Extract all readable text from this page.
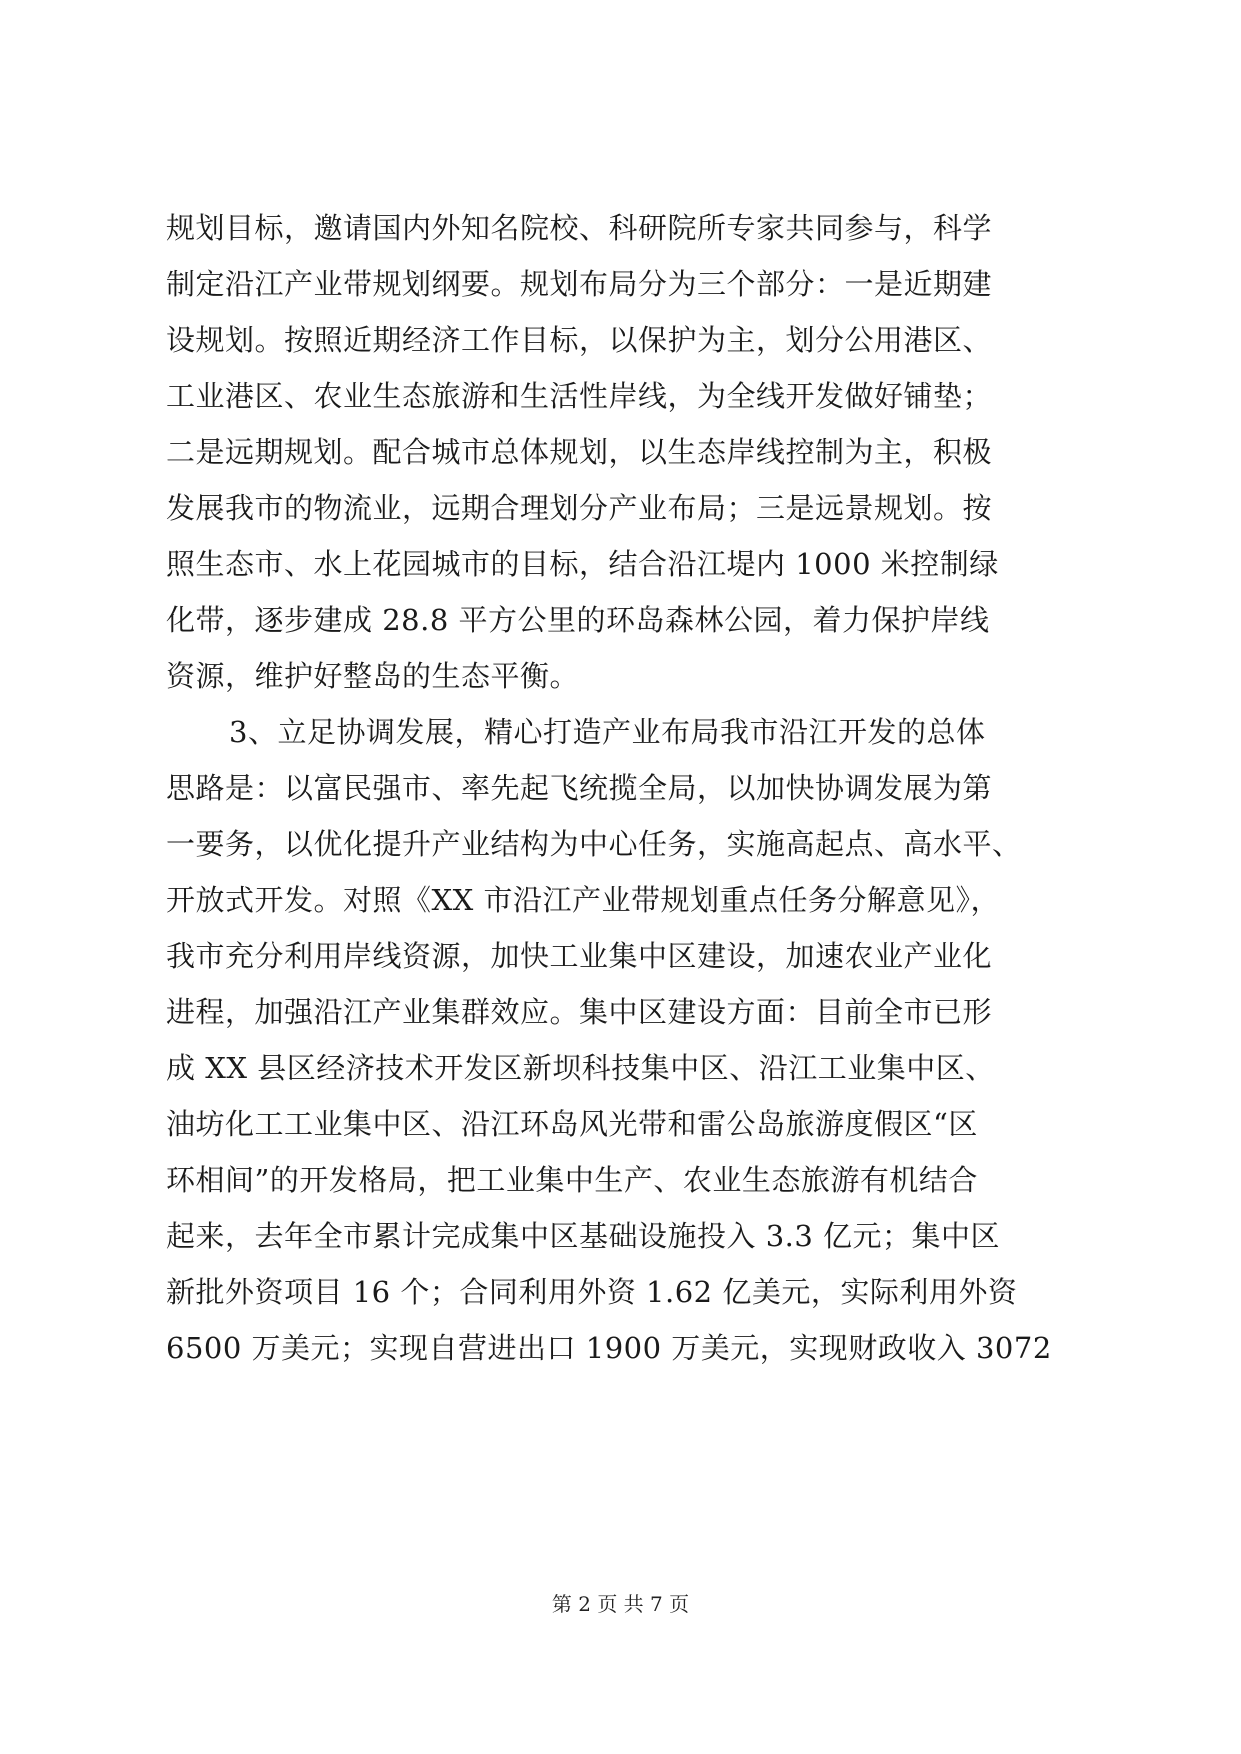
规划目标，邀请国内外知名院校、科研院所专家共同参与，科学
制定沿江产业带规划纲要。规划布局分为三个部分：一是近期建
设规划。按照近期经济工作目标，以保护为主，划分公用港区、
工业港区、农业生态旅游和生活性岸线，为全线开发做好铺垫；
二是远期规划。配合城市总体规划，以生态岸线控制为主，积极
发展我市的物流业，远期合理划分产业布局；三是远景规划。按
照生态市、水上花园城市的目标，结合沿江堤内 1000 米控制绿
化带，逐步建成 28.8 平方公里的环岛森林公园，着力保护岸线
资源，维护好整岛的生态平衡。
3、立足协调发展，精心打造产业布局我市沿江开发的总体
思路是：以富民强市、率先起飞统揽全局，以加快协调发展为第
一要务，以优化提升产业结构为中心任务，实施高起点、高水平、
开放式开发。对照《XX 市沿江产业带规划重点任务分解意见》，
我市充分利用岸线资源，加快工业集中区建设，加速农业产业化
进程，加强沿江产业集群效应。集中区建设方面：目前全市已形
成 XX 县区经济技术开发区新坝科技集中区、沿江工业集中区、
油坊化工工业集中区、沿江环岛风光带和雷公岛旅游度假区“区
环相间”的开发格局，把工业集中生产、农业生态旅游有机结合
起来，去年全市累计完成集中区基础设施投入 3.3 亿元；集中区
新批外资项目 16 个；合同利用外资 1.62 亿美元，实际利用外资
6500 万美元；实现自营进出口 1900 万美元，实现财政收入 3072
第 2 页 共 7 页
